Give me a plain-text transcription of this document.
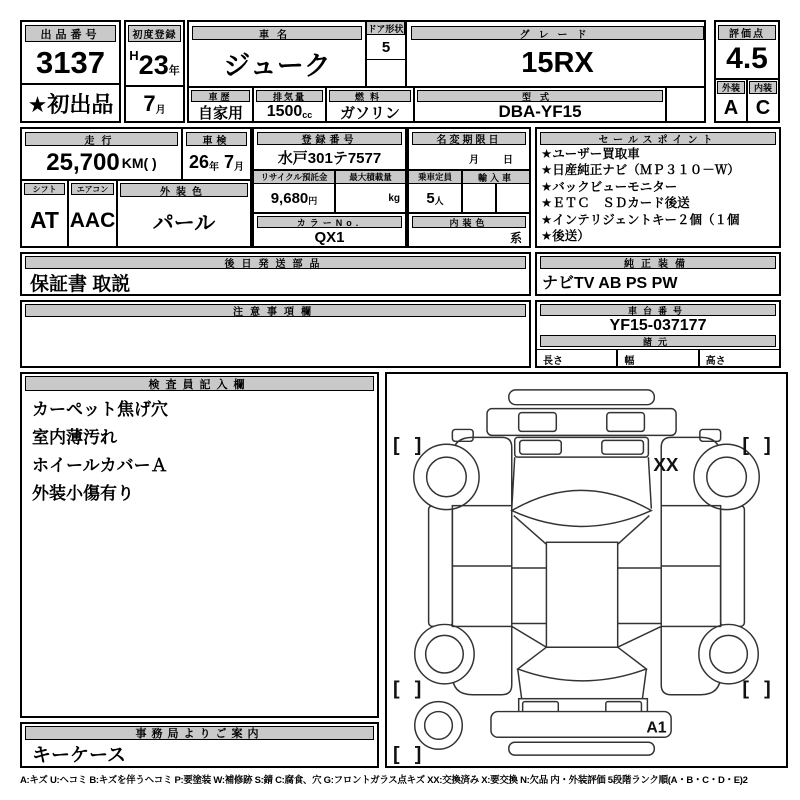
出品番号
3137
★初出品
初度登録
H 23 年
7 月
車名
ジューク
ドア形状
5
グレード
15RX
車歴
自家用
排気量
1500 cc
燃料
ガソリン
型式
DBA-YF15
評価点
4.5
外装
A
内装
C
走行
25,700 KM( )
車検
26 年 7 月
シフト
AT
エアコン
AAC
外装色
パール
登録番号
水戸301テ7577
リサイクル預託金
9,680 円
最大積載量
kg
カラーNo.
QX1
名変期限日
月 日
乗車定員
5 人
輸入車
内装色
系
セールスポイント
★ユーザー買取車
★日産純正ナビ（ＭＰ３１０－Ｗ）
★バックビューモニター
★ＥＴＣ　ＳＤカード後送
★インテリジェントキー２個（１個
★後送）
後日発送部品
保証書 取説
純正装備
ナビTV AB PS PW
注意事項欄	車台番号
YF15-037177
諸元
長さ	幅	高さ
検査員記入欄
カーペット焦げ穴
室内薄汚れ
ホイールカバーＡ
外装小傷有り
事務局よりご案内
キーケース
XX
A1
[ ]	[ ]
[ ]	[ ]
[ ]
A:キズ U:ヘコミ B:キズを伴うヘコミ P:要塗装 W:補修跡 S:錆 C:腐食、穴 G:フロントガラス点キズ XX:交換済み X:要交換 N:欠品 内・外装評価 5段階ランク順(A・B・C・D・E)2
